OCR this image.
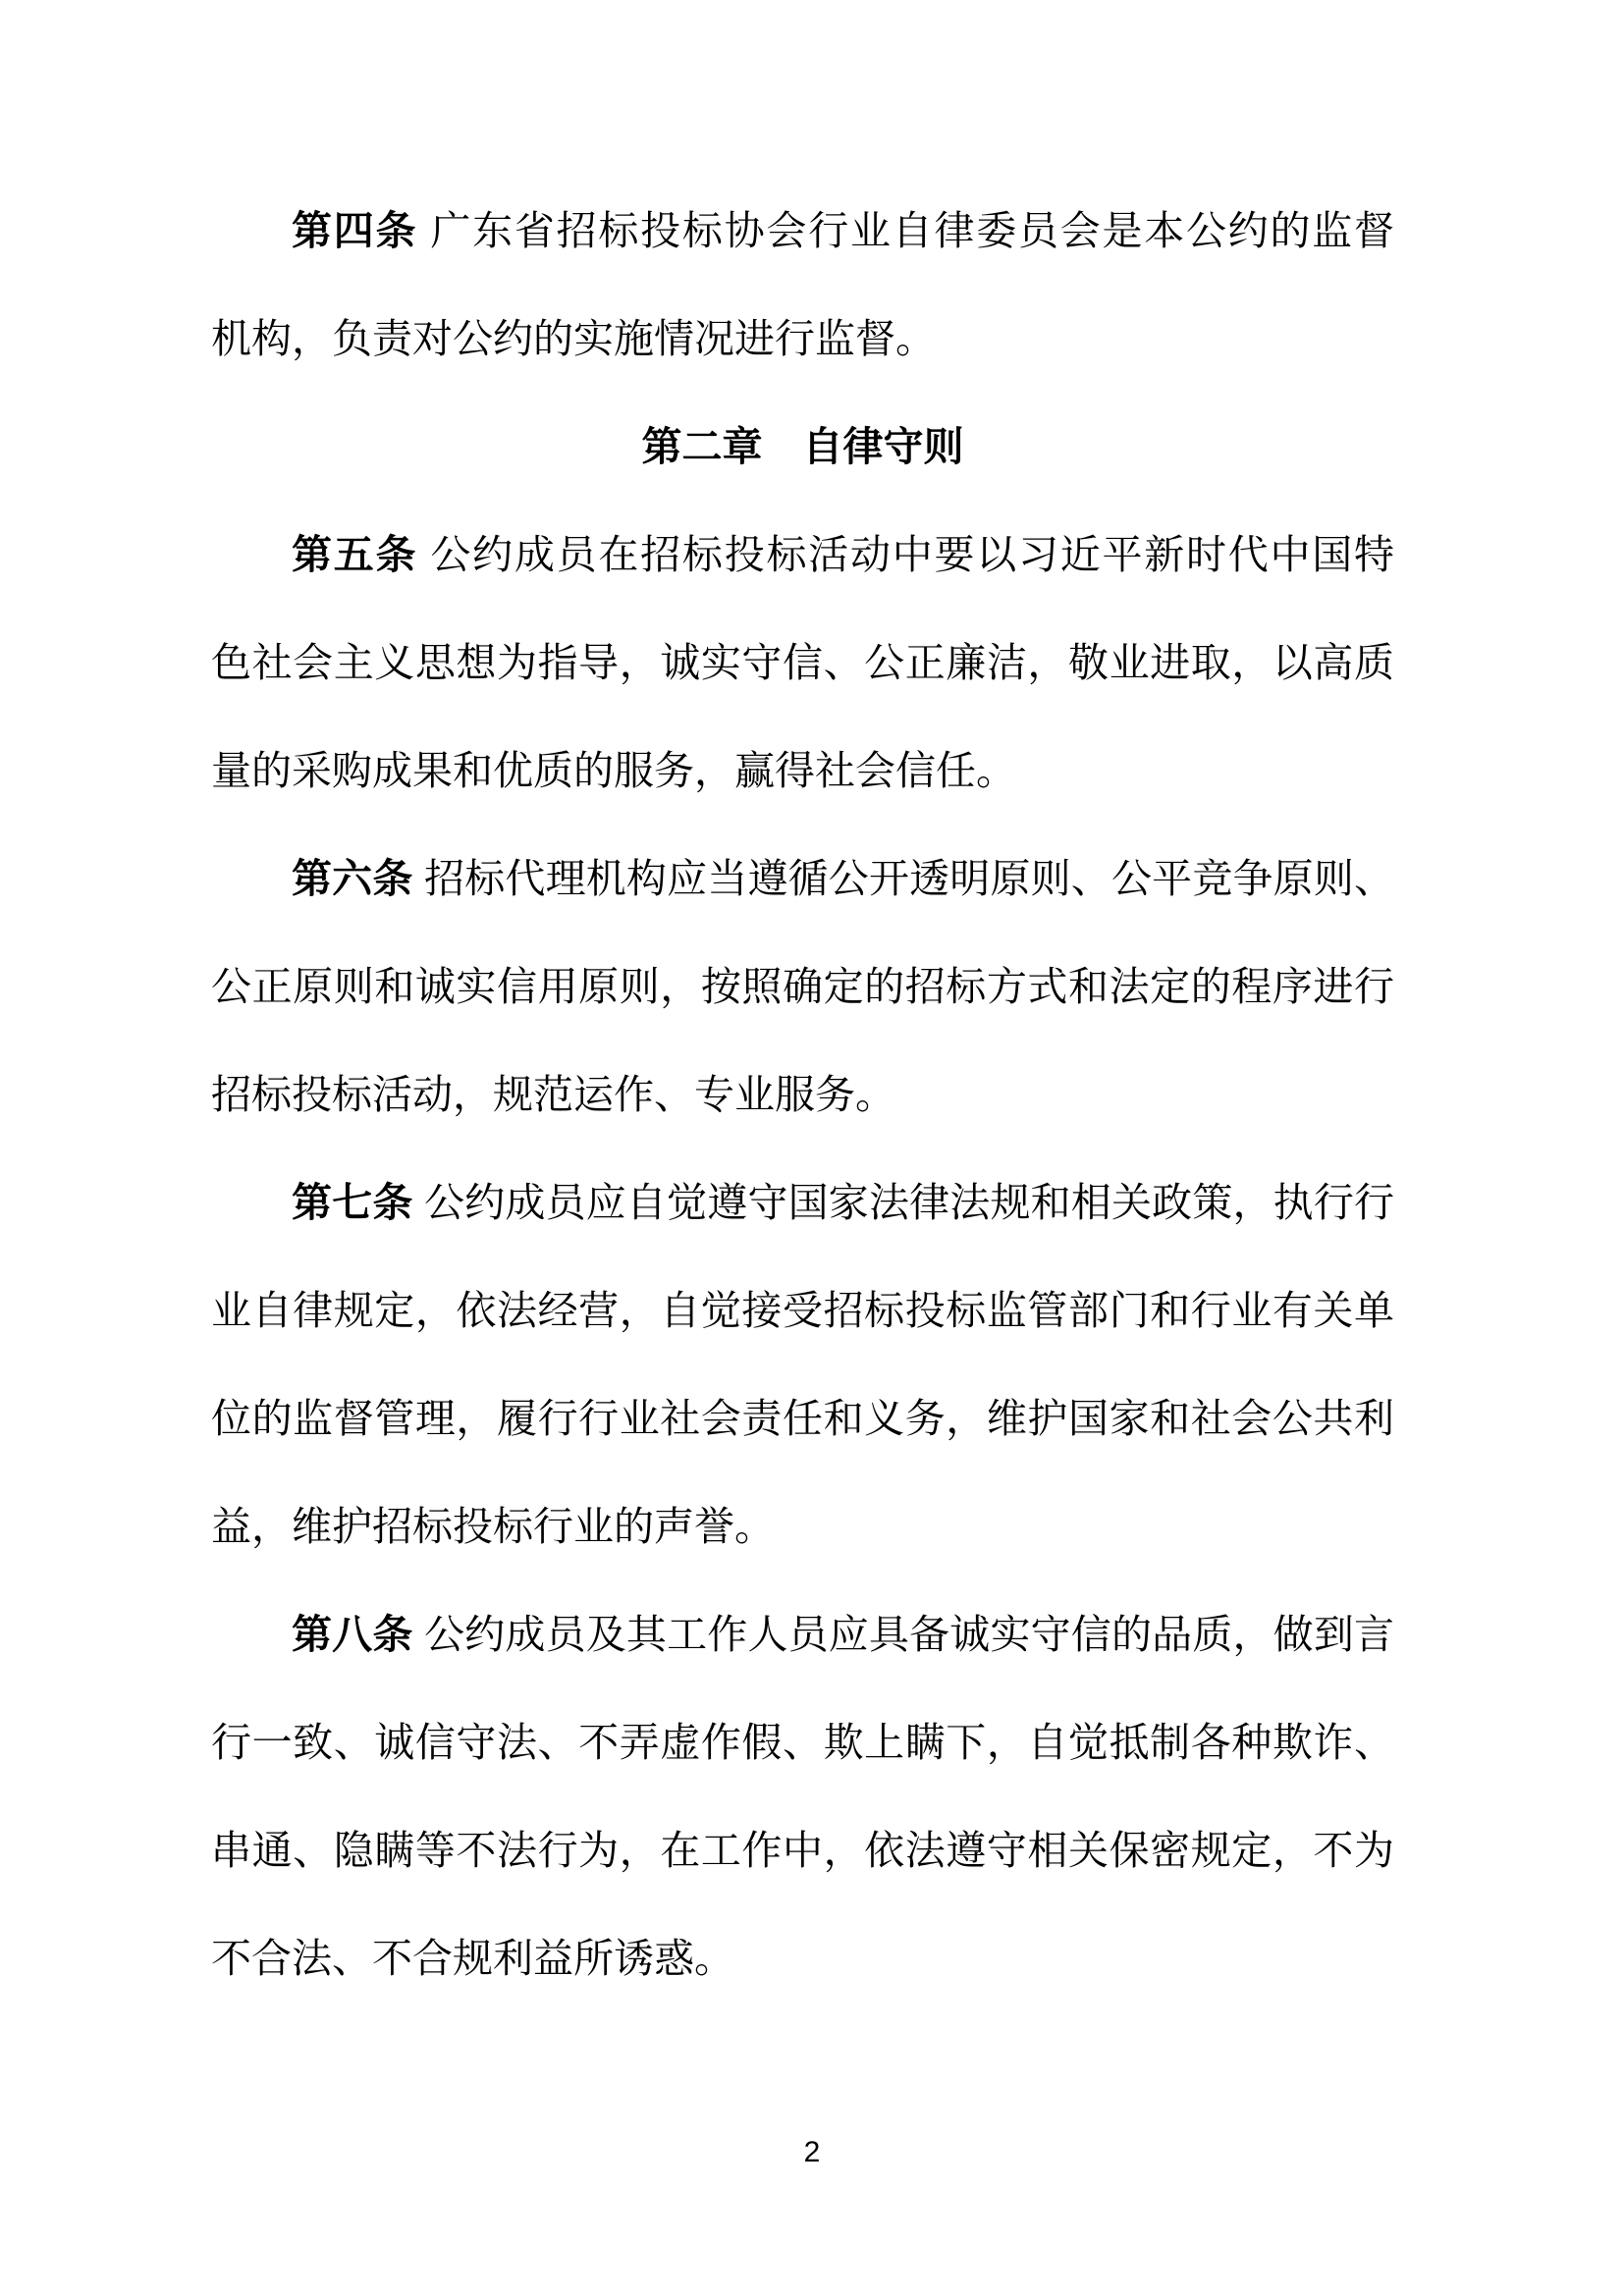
第四条 广东省招标投标协会行业自律委员会是本公约的监督
机构，负责对公约的实施情况进行监督。
第二章　自律守则
第五条 公约成员在招标投标活动中要以习近平新时代中国特
色社会主义思想为指导，诚实守信、公正廉洁，敬业进取，以高质
量的采购成果和优质的服务，赢得社会信任。
第六条 招标代理机构应当遵循公开透明原则、公平竞争原则、
公正原则和诚实信用原则，按照确定的招标方式和法定的程序进行
招标投标活动，规范运作、专业服务。
第七条 公约成员应自觉遵守国家法律法规和相关政策，执行行
业自律规定，依法经营，自觉接受招标投标监管部门和行业有关单
位的监督管理，履行行业社会责任和义务，维护国家和社会公共利
益，维护招标投标行业的声誉。
第八条 公约成员及其工作人员应具备诚实守信的品质，做到言
行一致、诚信守法、不弄虚作假、欺上瞒下，自觉抵制各种欺诈、
串通、隐瞒等不法行为，在工作中，依法遵守相关保密规定，不为
不合法、不合规利益所诱惑。
2
